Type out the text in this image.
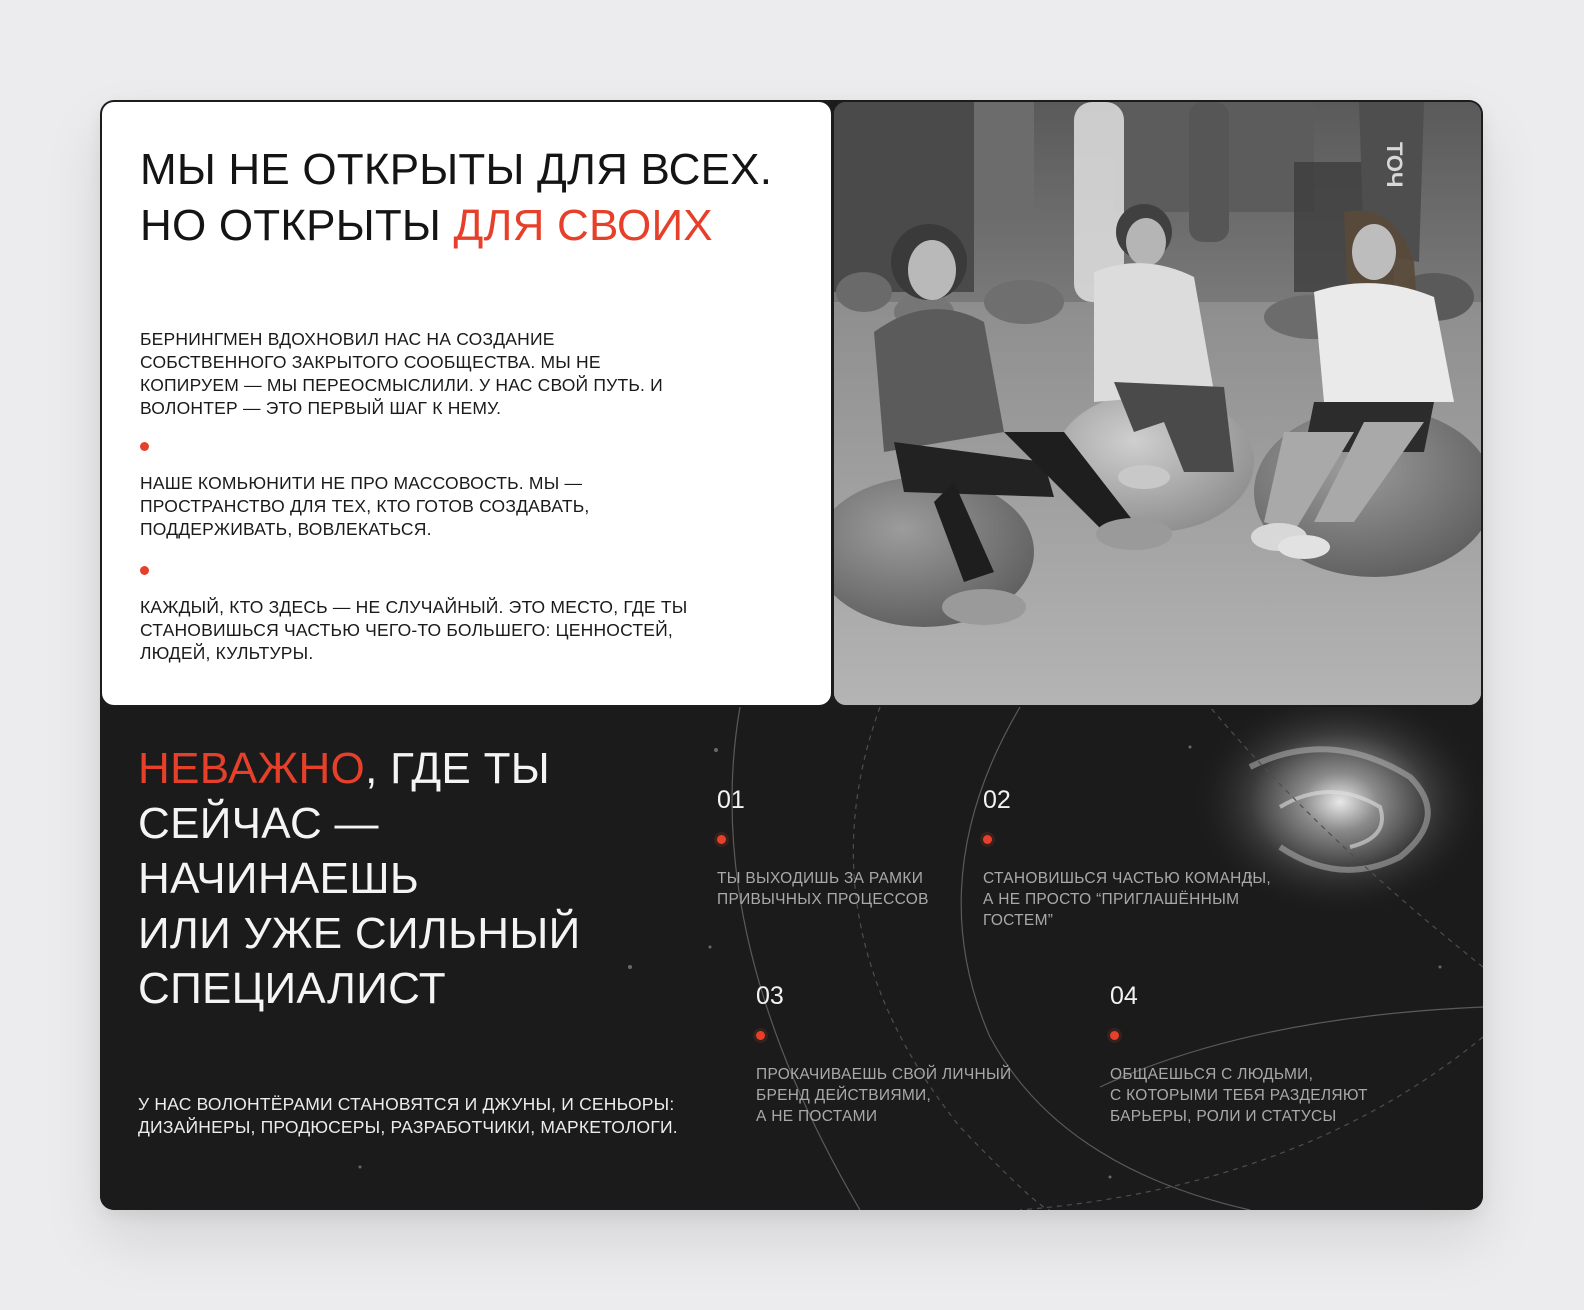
МЫ НЕ ОТКРЫТЫ ДЛЯ ВСЕХ.
НО ОТКРЫТЫ ДЛЯ СВОИХ

БЕРНИНГМЕН ВДОХНОВИЛ НАС НА СОЗДАНИЕ СОБСТВЕННОГО ЗАКРЫТОГО СООБЩЕСТВА. МЫ НЕ КОПИРУЕМ — МЫ ПЕРЕОСМЫСЛИЛИ. У НАС СВОЙ ПУТЬ. И ВОЛОНТЕР — ЭТО ПЕРВЫЙ ШАГ К НЕМУ.

НАШЕ КОМЬЮНИТИ НЕ ПРО МАССОВОСТЬ. МЫ — ПРОСТРАНСТВО ДЛЯ ТЕХ, КТО ГОТОВ СОЗДАВАТЬ, ПОДДЕРЖИВАТЬ, ВОВЛЕКАТЬСЯ.

КАЖДЫЙ, КТО ЗДЕСЬ — НЕ СЛУЧАЙНЫЙ. ЭТО МЕСТО, ГДЕ ТЫ СТАНОВИШЬСЯ ЧАСТЬЮ ЧЕГО-ТО БОЛЬШЕГО: ЦЕННОСТЕЙ, ЛЮДЕЙ, КУЛЬТУРЫ.

ТОЧ
НЕВАЖНО, ГДЕ ТЫ
СЕЙЧАС —
НАЧИНАЕШЬ
ИЛИ УЖЕ СИЛЬНЫЙ
СПЕЦИАЛИСТ

У НАС ВОЛОНТЁРАМИ СТАНОВЯТСЯ И ДЖУНЫ, И СЕНЬОРЫ: ДИЗАЙНЕРЫ, ПРОДЮСЕРЫ, РАЗРАБОТЧИКИ, МАРКЕТОЛОГИ.

01
ТЫ ВЫХОДИШЬ ЗА РАМКИ
ПРИВЫЧНЫХ ПРОЦЕССОВ
02
СТАНОВИШЬСЯ ЧАСТЬЮ КОМАНДЫ,
А НЕ ПРОСТО “ПРИГЛАШЁННЫМ
ГОСТЕМ”
03
ПРОКАЧИВАЕШЬ СВОЙ ЛИЧНЫЙ
БРЕНД ДЕЙСТВИЯМИ,
А НЕ ПОСТАМИ
04
ОБЩАЕШЬСЯ С ЛЮДЬМИ,
С КОТОРЫМИ ТЕБЯ РАЗДЕЛЯЮТ
БАРЬЕРЫ, РОЛИ И СТАТУСЫ
